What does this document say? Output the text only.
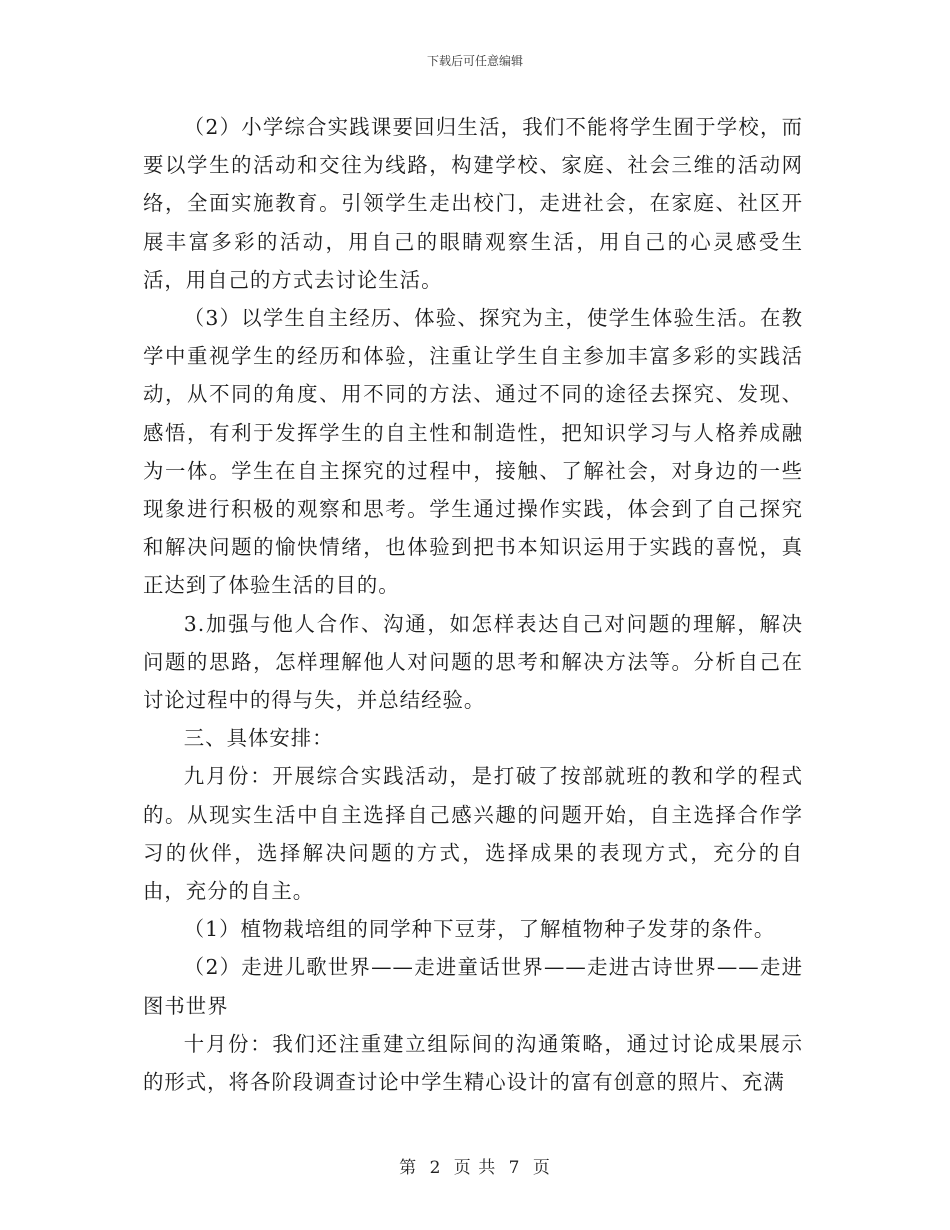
下载后可任意编辑

（2）小学综合实践课要回归生活，我们不能将学生囿于学校，而要以学生的活动和交往为线路，构建学校、家庭、社会三维的活动网络，全面实施教育。引领学生走出校门，走进社会，在家庭、社区开展丰富多彩的活动，用自己的眼睛观察生活，用自己的心灵感受生活，用自己的方式去讨论生活。

（3）以学生自主经历、体验、探究为主，使学生体验生活。在教学中重视学生的经历和体验，注重让学生自主参加丰富多彩的实践活动，从不同的角度、用不同的方法、通过不同的途径去探究、发现、感悟，有利于发挥学生的自主性和制造性，把知识学习与人格养成融为一体。学生在自主探究的过程中，接触、了解社会，对身边的一些现象进行积极的观察和思考。学生通过操作实践，体会到了自己探究和解决问题的愉快情绪，也体验到把书本知识运用于实践的喜悦，真正达到了体验生活的目的。

3.加强与他人合作、沟通，如怎样表达自己对问题的理解，解决问题的思路，怎样理解他人对问题的思考和解决方法等。分析自己在讨论过程中的得与失，并总结经验。

三、具体安排：

九月份：开展综合实践活动，是打破了按部就班的教和学的程式的。从现实生活中自主选择自己感兴趣的问题开始，自主选择合作学习的伙伴，选择解决问题的方式，选择成果的表现方式，充分的自由，充分的自主。

（1）植物栽培组的同学种下豆芽，了解植物种子发芽的条件。

（2）走进儿歌世界——走进童话世界——走进古诗世界——走进图书世界

十月份：我们还注重建立组际间的沟通策略，通过讨论成果展示的形式，将各阶段调查讨论中学生精心设计的富有创意的照片、充满

第 2 页 共 7 页
